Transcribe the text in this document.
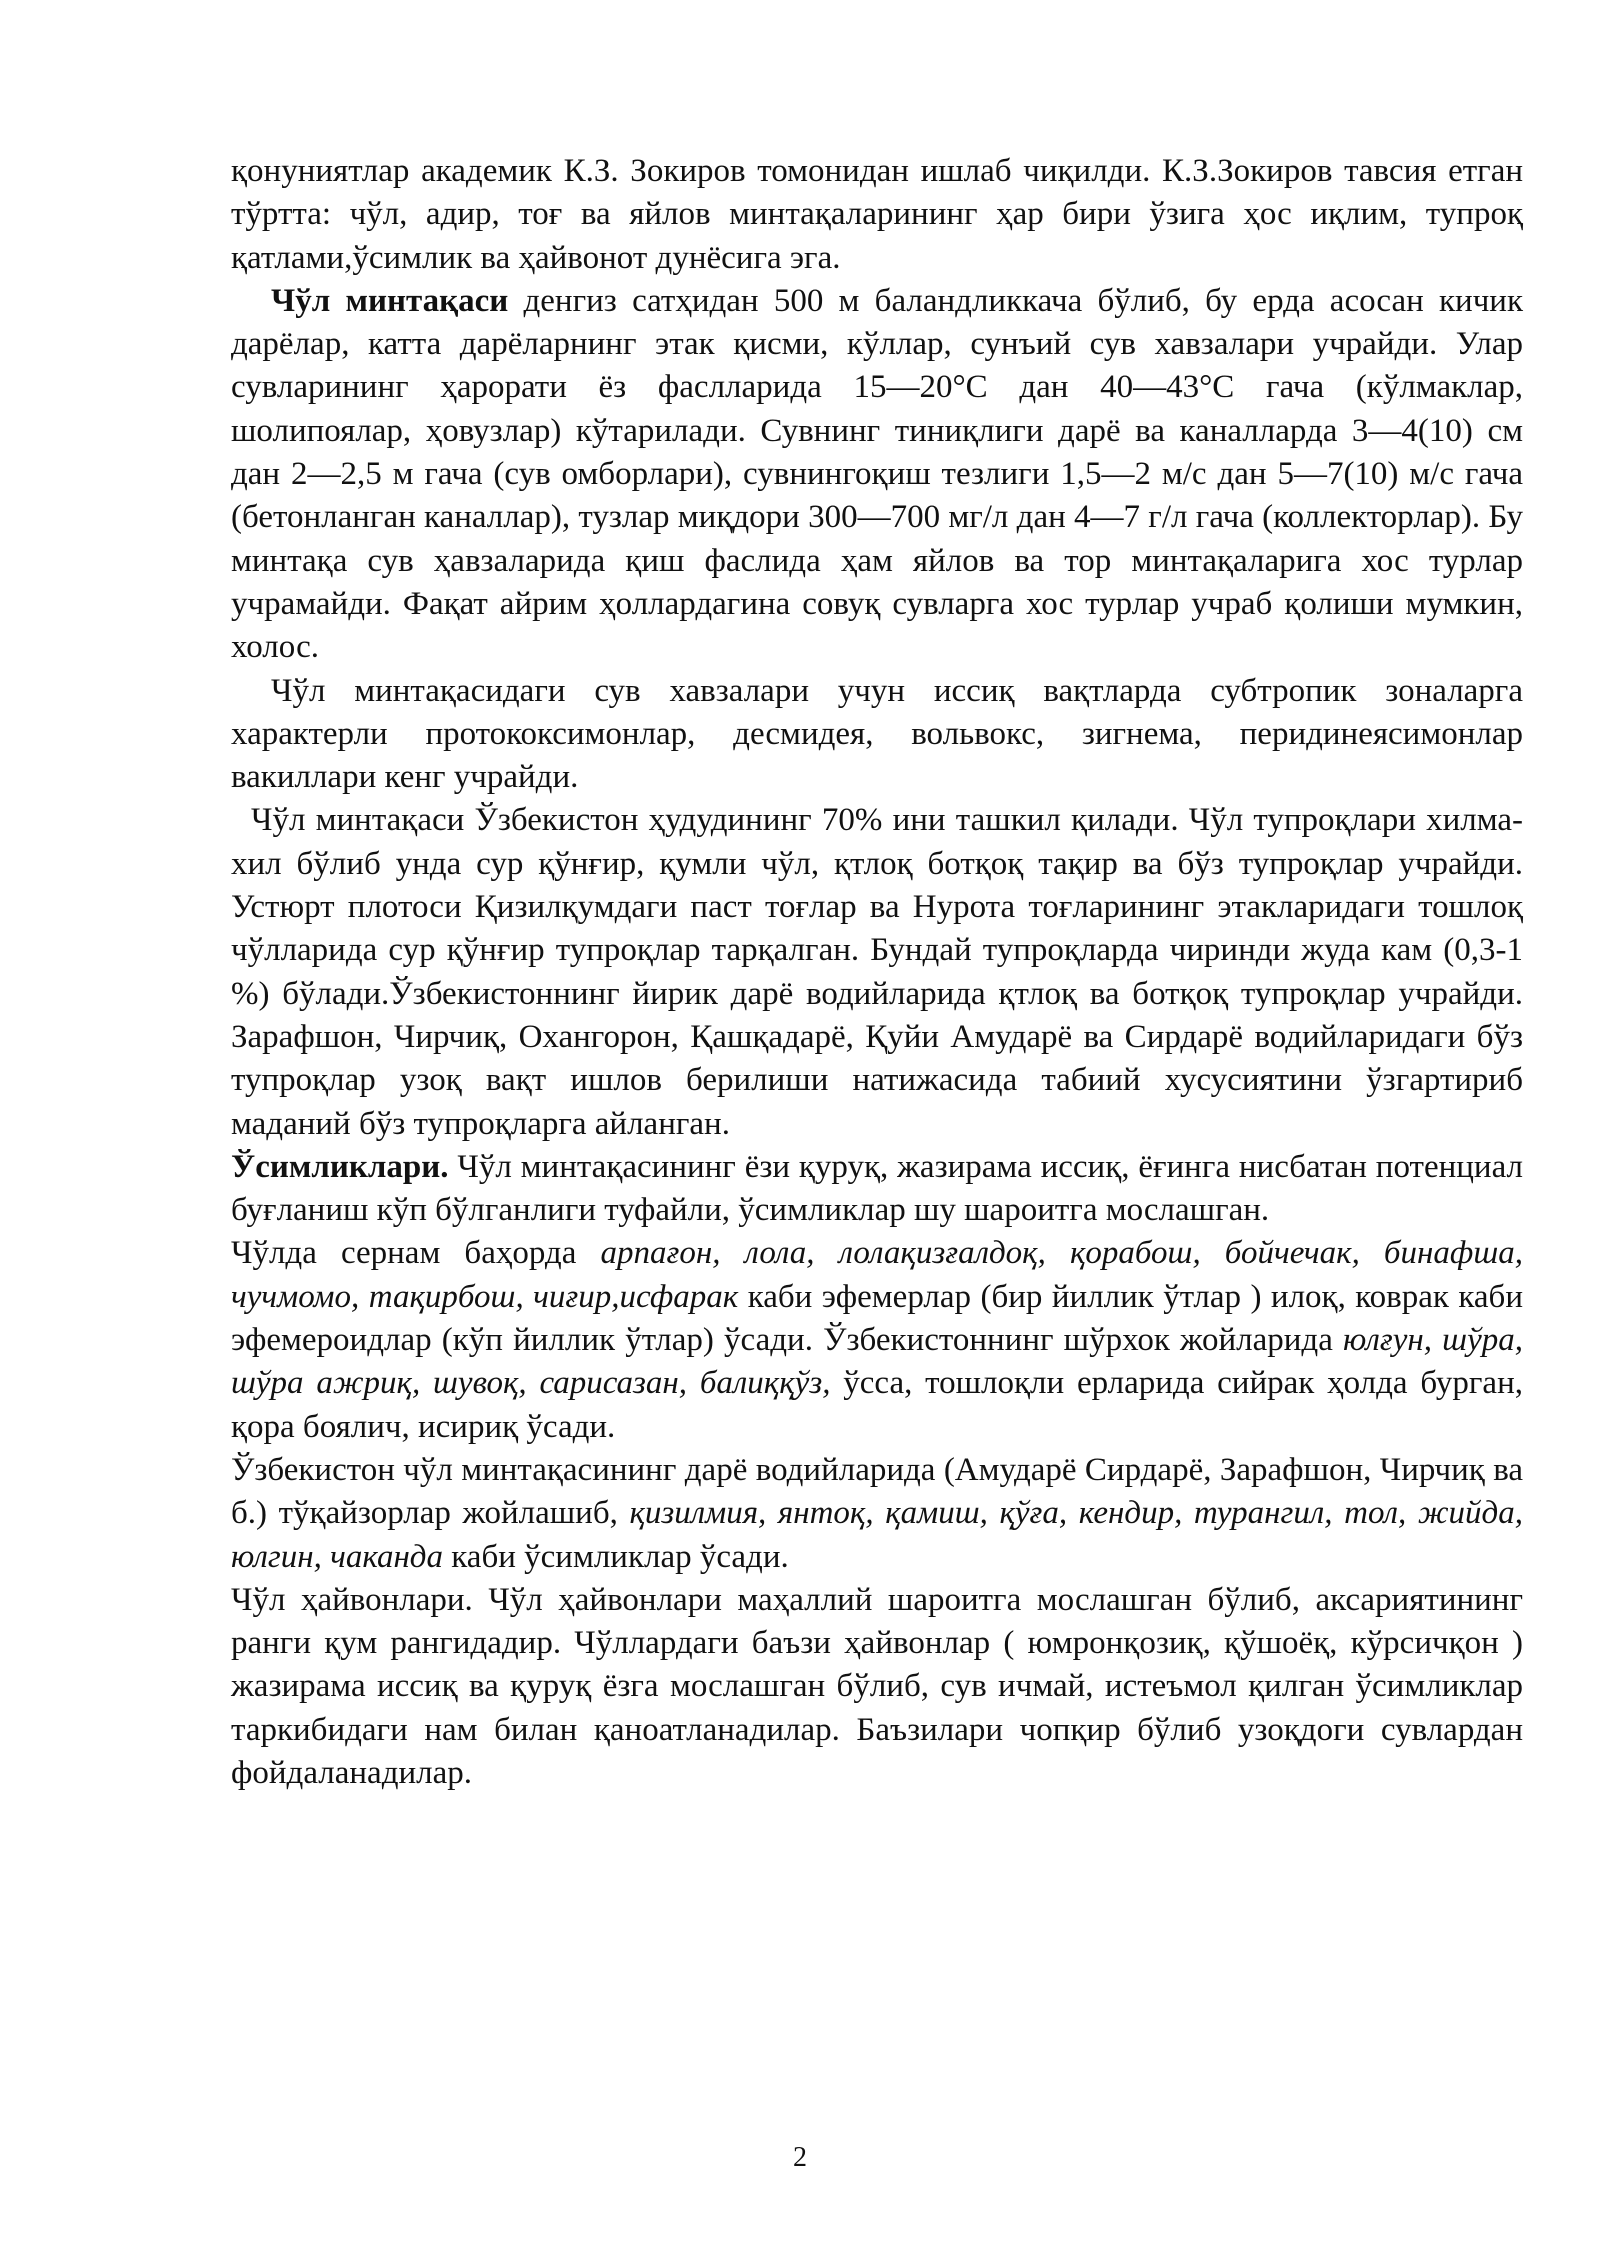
қонуниятлар академик К.З. Зокиров томонидан ишлаб чиқилди. К.З.Зокиров тавсия етган тўртта: чўл, адир, тоғ ва яйлов минтақаларининг ҳар бири ўзига ҳос иқлим, тупроқ қатлами,ўсимлик ва ҳайвонот дунёсига эга.

Чўл минтақаси денгиз сатҳидан 500 м баландликкача бўлиб, бу ерда асосан кичик дарёлар, катта дарёларнинг этак қисми, кўллар, сунъий сув хавзалари учрайди. Улар сувларининг ҳарорати ёз фаслларида 15—20°С дан 40—43°С гача (кўлмаклар, шолипоялар, ҳовузлар) кўтарилади. Сувнинг тиниқлиги дарё ва каналларда 3—4(10) см дан 2—2,5 м гача (сув омборлари), сувнингоқиш тезлиги 1,5—2 м/с дан 5—7(10) м/с гача (бетонланган каналлар), тузлар миқдори 300—700 мг/л дан 4—7 г/л гача (коллекторлар). Бу минтақа сув ҳавзаларида қиш фаслида ҳам яйлов ва тор минтақаларига хос турлар учрамайди. Фақат айрим ҳоллардагина совуқ сувларга хос турлар учраб қолиши мумкин, холос.

Чўл минтақасидаги сув хавзалари учун иссиқ вақтларда субтропик зоналарга характерли протококсимонлар, десмидея, вольвокс, зигнема, перидинеясимонлар вакиллари кенг учрайди.

Чўл минтақаси Ўзбекистон ҳудудининг 70% ини ташкил қилади. Чўл тупроқлари хилма-хил бўлиб унда сур қўнғир, қумли чўл, қтлоқ ботқоқ тақир ва бўз тупроқлар учрайди. Устюрт плотоси Қизилқумдаги паст тоғлар ва Нурота тоғларининг этакларидаги тошлоқ чўлларида сур қўнғир тупроқлар тарқалган. Бундай тупроқларда чиринди жуда кам (0,3-1 %) бўлади.Ўзбекистоннинг йирик дарё водийларида қтлоқ ва ботқоқ тупроқлар учрайди. Зарафшон, Чирчиқ, Охангорон, Қашқадарё, Қуйи Амударё ва Сирдарё водийларидаги бўз тупроқлар узоқ вақт ишлов берилиши натижасида табиий хусусиятини ўзгартириб маданий бўз тупроқларга айланган.

Ўсимликлари. Чўл минтақасининг ёзи қуруқ, жазирама иссиқ, ёғинга нисбатан потенциал буғланиш кўп бўлганлиги туфайли, ўсимликлар шу шароитга мослашган.

Чўлда сернам баҳорда арпағон, лола, лолақизғалдоқ, қорабош, бойчечак, бинафша, чучмомо, тақирбош, чиғир,исфарак каби эфемерлар (бир йиллик ўтлар ) илоқ, коврак каби эфемероидлар (кўп йиллик ўтлар) ўсади. Ўзбекистоннинг шўрхок жойларида юлғун, шўра, шўра ажриқ, шувоқ, сарисазан, балиққўз, ўсса, тошлоқли ерларида сийрак ҳолда бурган, қора боялич, исириқ ўсади.

Ўзбекистон чўл минтақасининг дарё водийларида (Амударё Сирдарё, Зарафшон, Чирчиқ ва б.) тўқайзорлар жойлашиб, қизилмия, янтоқ, қамиш, қўға, кендир, турангил, тол, жийда, юлгин, чаканда каби ўсимликлар ўсади.

Чўл ҳайвонлари. Чўл ҳайвонлари маҳаллий шароитга мослашган бўлиб, аксариятининг ранги қум рангидадир. Чўллардаги баъзи ҳайвонлар ( юмронқозиқ, қўшоёқ, кўрсичқон ) жазирама иссиқ ва қуруқ ёзга мослашган бўлиб, сув ичмай, истеъмол қилган ўсимликлар таркибидаги нам билан қаноатланадилар. Баъзилари чопқир бўлиб узоқдоги сувлардан фойдаланадилар.

2
